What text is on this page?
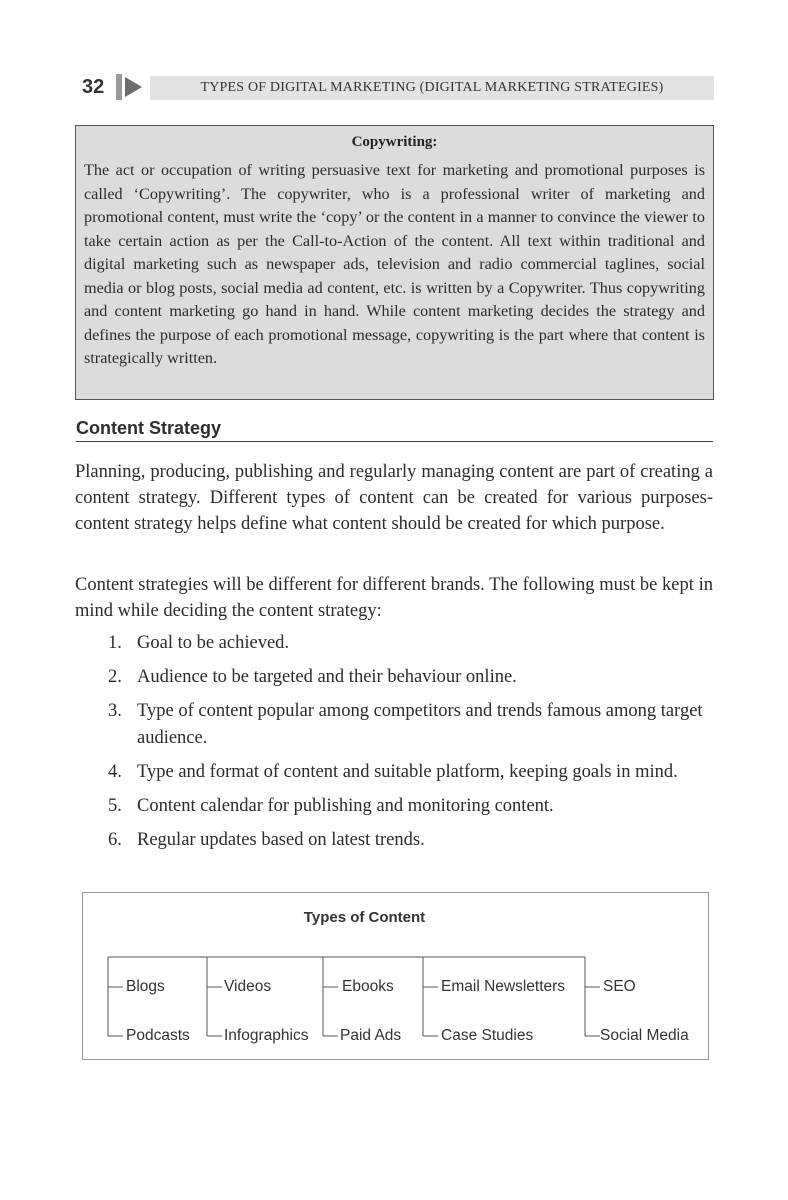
32	TYPES OF DIGITAL MARKETING (DIGITAL MARKETING STRATEGIES)

Copywriting:

The act or occupation of writing persuasive text for marketing and promotional purposes is called ‘Copywriting’. The copywriter, who is a professional writer of marketing and promotional content, must write the ‘copy’ or the content in a manner to convince the viewer to take certain action as per the Call-to-Action of the content. All text within traditional and digital marketing such as newspaper ads, television and radio commercial taglines, social media or blog posts, social media ad content, etc. is written by a Copywriter. Thus copywriting and content marketing go hand in hand. While content marketing decides the strategy and defines the purpose of each promotional message, copywriting is the part where that content is strategically written.

Content Strategy

Planning, producing, publishing and regularly managing content are part of creating a content strategy. Different types of content can be created for various purposes-content strategy helps define what content should be created for which purpose.

Content strategies will be different for different brands. The following must be kept in mind while deciding the content strategy:

1. Goal to be achieved.
2. Audience to be targeted and their behaviour online.
3. Type of content popular among competitors and trends famous among target audience.
4. Type and format of content and suitable platform, keeping goals in mind.
5. Content calendar for publishing and monitoring content.
6. Regular updates based on latest trends.
Types of Content
Blogs
Podcasts
Videos
Infographics
Ebooks
Paid Ads
Email Newsletters
Case Studies
SEO
Social Media
